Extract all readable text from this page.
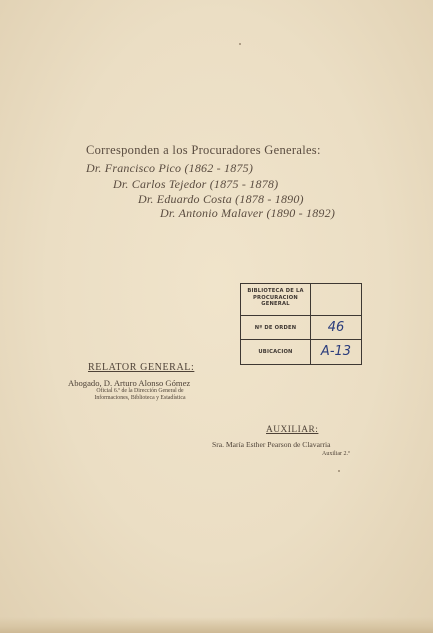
Corresponden a los Procuradores Generales:
Dr. Francisco Pico (1862 - 1875)
Dr. Carlos Tejedor (1875 - 1878)
Dr. Eduardo Costa (1878 - 1890)
Dr. Antonio Malaver (1890 - 1892)
BIBLIOTECA DE LA PROCURACION GENERAL
Nº DE ORDEN	46
UBICACION	A-13
RELATOR GENERAL:
Abogado, D. Arturo Alonso Gómez
Oficial 6.º de la Dirección General de Informaciones, Biblioteca y Estadística
AUXILIAR:
Sra. María Esther Pearson de Clavarria
Auxiliar 2.º
